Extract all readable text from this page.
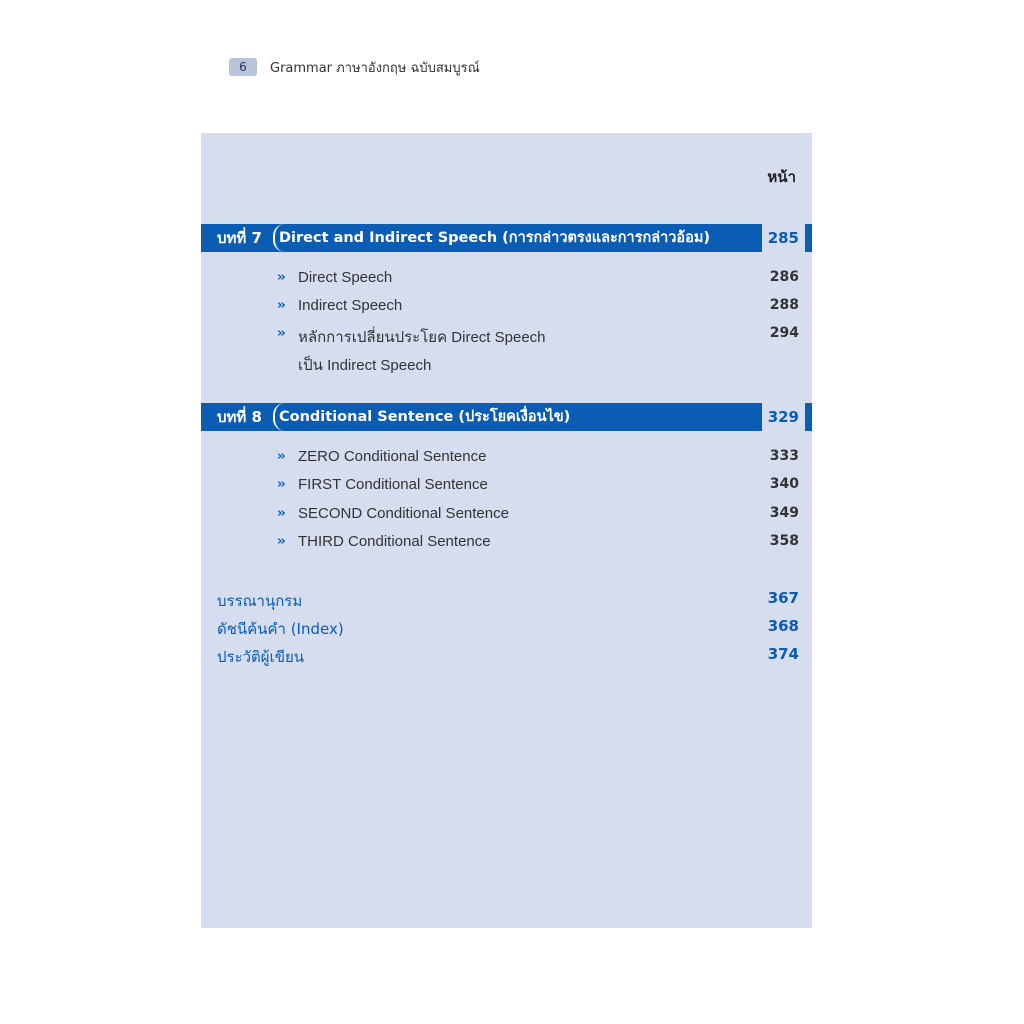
6	Grammar ภาษาอังกฤษ ฉบับสมบูรณ์
หน้า
บทที่ 7 Direct and Indirect Speech (การกล่าวตรงและการกล่าวอ้อม)	285
›› Direct Speech	286
›› Indirect Speech	288
›› หลักการเปลี่ยนประโยค Direct Speech	294
เป็น Indirect Speech
บทที่ 8 Conditional Sentence (ประโยคเงื่อนไข)	329
›› ZERO Conditional Sentence	333
›› FIRST Conditional Sentence	340
›› SECOND Conditional Sentence	349
›› THIRD Conditional Sentence	358
บรรณานุกรม	367
ดัชนีค้นคำ (Index)	368
ประวัติผู้เขียน	374
